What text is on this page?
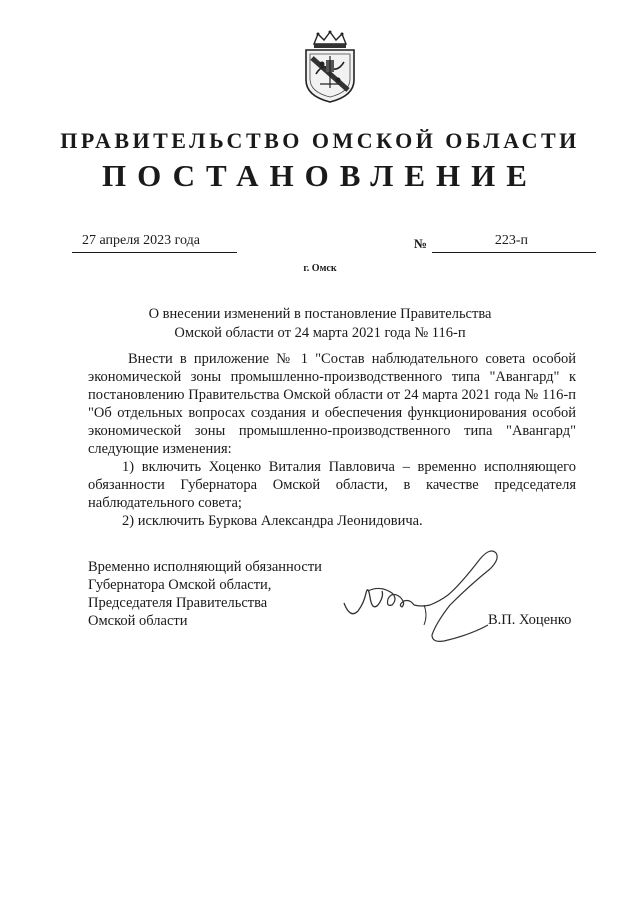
ПРАВИТЕЛЬСТВО ОМСКОЙ ОБЛАСТИ
ПОСТАНОВЛЕНИЕ
27 апреля 2023 года	№	223-п
г. Омск
О внесении изменений в постановление Правительства
Омской области от 24 марта 2021 года № 116-п

Внести в приложение № 1 "Состав наблюдательного совета особой экономической зоны промышленно-производственного типа "Авангард" к постановлению Правительства Омской области от 24 марта 2021 года № 116-п "Об отдельных вопросах создания и обеспечения функционирования особой экономической зоны промышленно-производственного типа "Авангард" следующие изменения:

1) включить Хоценко Виталия Павловича – временно исполняющего обязанности Губернатора Омской области, в качестве председателя наблюдательного совета;

2) исключить Буркова Александра Леонидовича.

Временно исполняющий обязанности
Губернатора Омской области,
Председателя Правительства
Омской области	В.П. Хоценко
